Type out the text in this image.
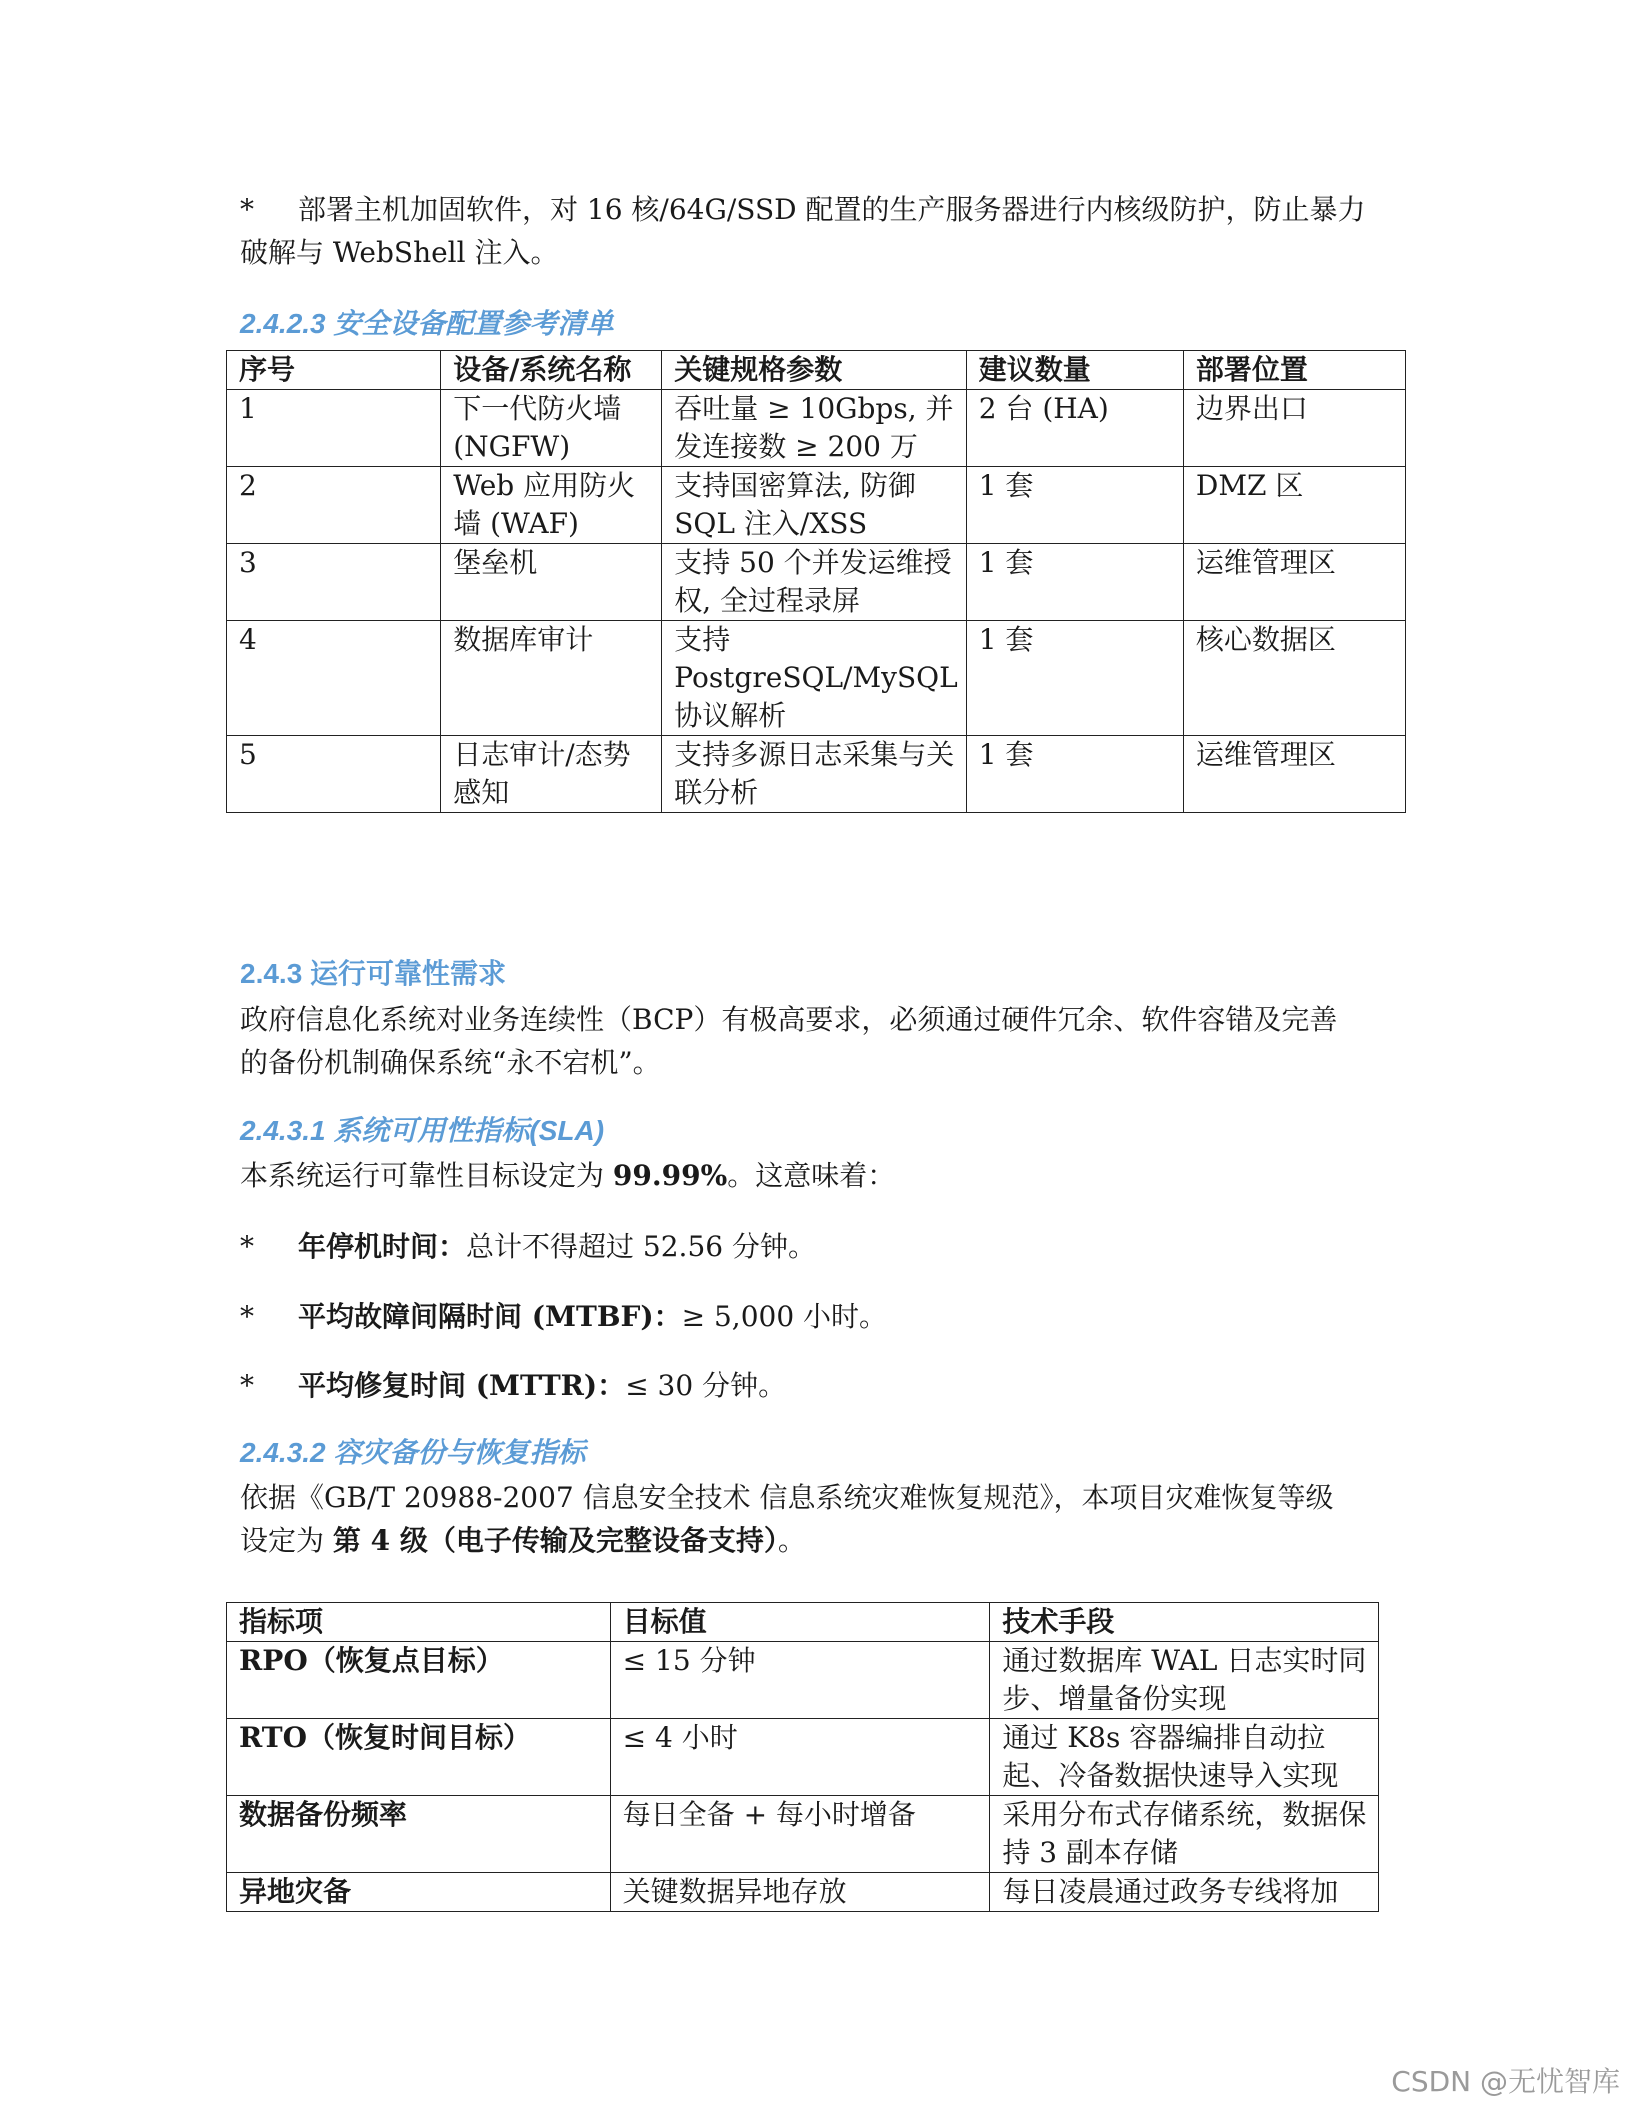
* 部署主机加固软件，对 16 核/64G/SSD 配置的生产服务器进行内核级防护，防止暴力
破解与 WebShell 注入。
2.4.2.3 安全设备配置参考清单
序号	设备/系统名称	关键规格参数	建议数量	部署位置
1	下一代防火墙 (NGFW)	吞吐量 ≥ 10Gbps, 并发连接数 ≥ 200 万	2 台 (HA)	边界出口
2	Web 应用防火墙 (WAF)	支持国密算法, 防御 SQL 注入/XSS	1 套	DMZ 区
3	堡垒机	支持 50 个并发运维授权, 全过程录屏	1 套	运维管理区
4	数据库审计	支持 PostgreSQL/MySQL 协议解析	1 套	核心数据区
5	日志审计/态势感知	支持多源日志采集与关联分析	1 套	运维管理区
2.4.3 运行可靠性需求
政府信息化系统对业务连续性（BCP）有极高要求，必须通过硬件冗余、软件容错及完善
的备份机制确保系统“永不宕机”。
2.4.3.1 系统可用性指标(SLA)
本系统运行可靠性目标设定为 99.99%。这意味着：
* 年停机时间：总计不得超过 52.56 分钟。
* 平均故障间隔时间 (MTBF)：≥ 5,000 小时。
* 平均修复时间 (MTTR)：≤ 30 分钟。
2.4.3.2 容灾备份与恢复指标
依据《GB/T 20988-2007 信息安全技术 信息系统灾难恢复规范》，本项目灾难恢复等级
设定为 第 4 级（电子传输及完整设备支持）。
指标项	目标值	技术手段
RPO（恢复点目标）	≤ 15 分钟	通过数据库 WAL 日志实时同步、增量备份实现
RTO（恢复时间目标）	≤ 4 小时	通过 K8s 容器编排自动拉起、冷备数据快速导入实现
数据备份频率	每日全备 + 每小时增备	采用分布式存储系统，数据保持 3 副本存储
异地灾备	关键数据异地存放	每日凌晨通过政务专线将加
CSDN @无忧智库
